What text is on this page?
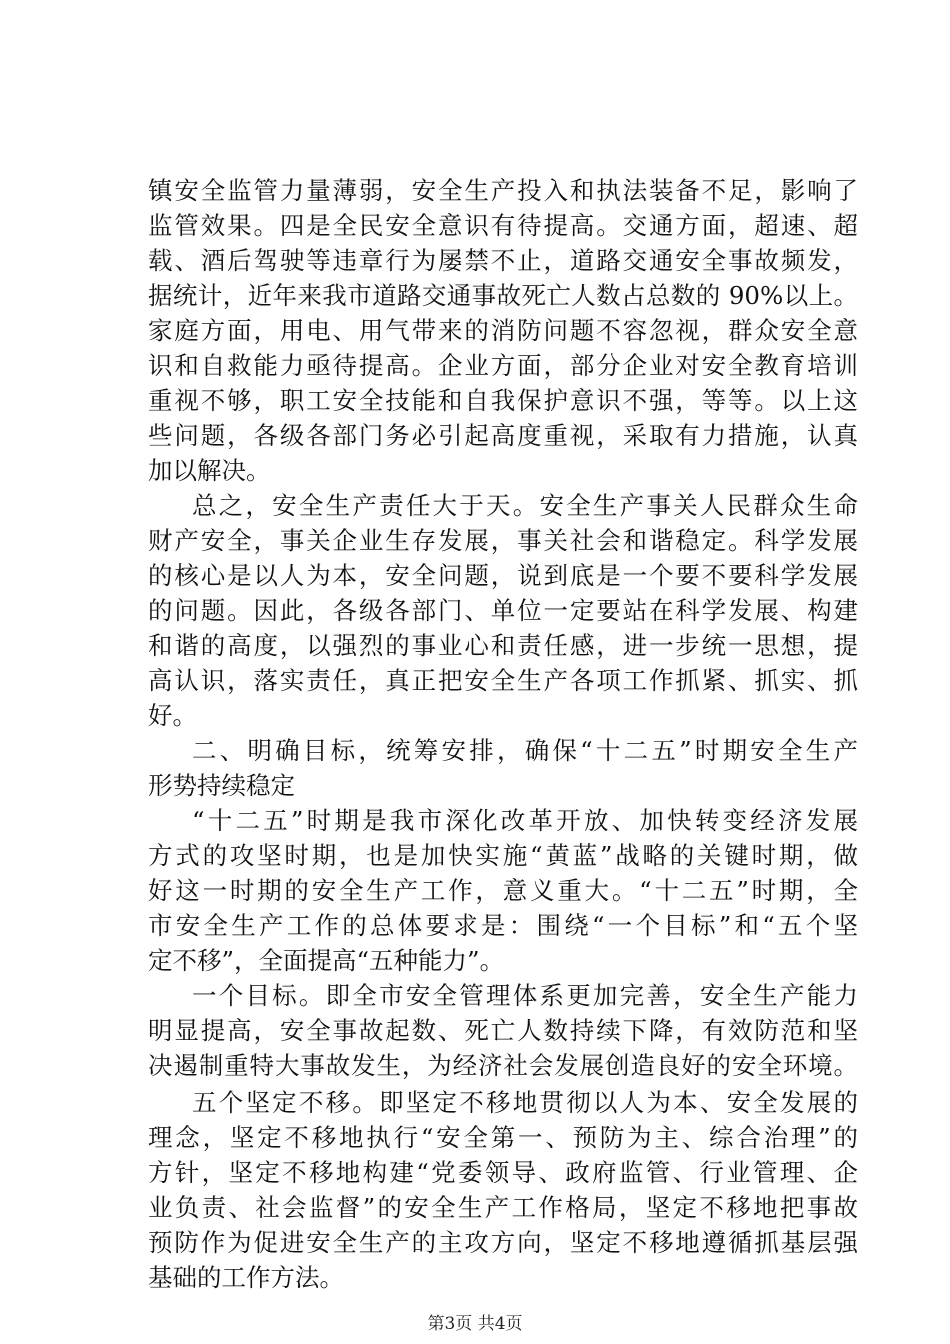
镇安全监管力量薄弱，安全生产投入和执法装备不足，影响了
监管效果。四是全民安全意识有待提高。交通方面，超速、超
载、酒后驾驶等违章行为屡禁不止，道路交通安全事故频发，
据统计，近年来我市道路交通事故死亡人数占总数的 90%以上。
家庭方面，用电、用气带来的消防问题不容忽视，群众安全意
识和自救能力亟待提高。企业方面，部分企业对安全教育培训
重视不够，职工安全技能和自我保护意识不强，等等。以上这
些问题，各级各部门务必引起高度重视，采取有力措施，认真
加以解决。
总之，安全生产责任大于天。安全生产事关人民群众生命
财产安全，事关企业生存发展，事关社会和谐稳定。科学发展
的核心是以人为本，安全问题，说到底是一个要不要科学发展
的问题。因此，各级各部门、单位一定要站在科学发展、构建
和谐的高度，以强烈的事业心和责任感，进一步统一思想，提
高认识，落实责任，真正把安全生产各项工作抓紧、抓实、抓
好。
二、明确目标，统筹安排，确保“十二五”时期安全生产
形势持续稳定
“十二五”时期是我市深化改革开放、加快转变经济发展
方式的攻坚时期，也是加快实施“黄蓝”战略的关键时期，做
好这一时期的安全生产工作，意义重大。“十二五”时期，全
市安全生产工作的总体要求是：围绕“一个目标”和“五个坚
定不移”，全面提高“五种能力”。
一个目标。即全市安全管理体系更加完善，安全生产能力
明显提高，安全事故起数、死亡人数持续下降，有效防范和坚
决遏制重特大事故发生，为经济社会发展创造良好的安全环境。
五个坚定不移。即坚定不移地贯彻以人为本、安全发展的
理念，坚定不移地执行“安全第一、预防为主、综合治理”的
方针，坚定不移地构建“党委领导、政府监管、行业管理、企
业负责、社会监督”的安全生产工作格局，坚定不移地把事故
预防作为促进安全生产的主攻方向，坚定不移地遵循抓基层强
基础的工作方法。
第3页 共4页
